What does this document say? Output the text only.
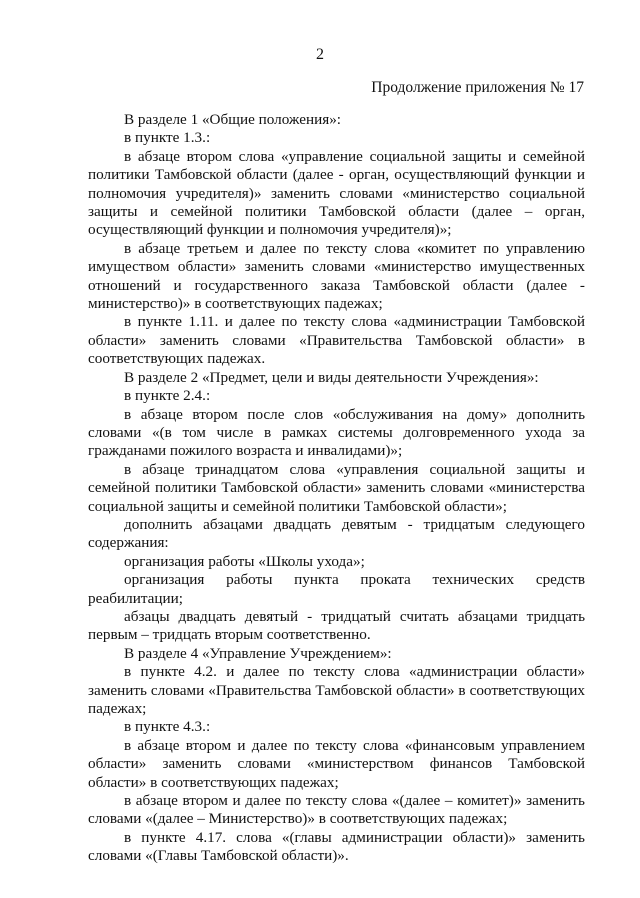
2
Продолжение приложения № 17

В разделе 1 «Общие положения»:

в пункте 1.3.:

в абзаце втором слова «управление социальной защиты и семейной политики Тамбовской области (далее - орган, осуществляющий функции и полномочия учредителя)» заменить словами «министерство социальной защиты и семейной политики Тамбовской области (далее – орган, осуществляющий функции и полномочия учредителя)»;

в абзаце третьем и далее по тексту слова «комитет по управлению имуществом области» заменить словами «министерство имущественных отношений и государственного заказа Тамбовской области (далее - министерство)» в соответствующих падежах;

в пункте 1.11. и далее по тексту слова «администрации Тамбовской области» заменить словами «Правительства Тамбовской области» в соответствующих падежах.

В разделе 2 «Предмет, цели и виды деятельности Учреждения»:

в пункте 2.4.:

в абзаце втором после слов «обслуживания на дому» дополнить словами «(в том числе в рамках системы долговременного ухода за гражданами пожилого возраста и инвалидами)»;

в абзаце тринадцатом слова «управления социальной защиты и семейной политики Тамбовской области» заменить словами «министерства социальной защиты и семейной политики Тамбовской области»;

дополнить абзацами двадцать девятым - тридцатым следующего содержания:

организация работы «Школы ухода»;

организация работы пункта проката технических средств реабилитации;

абзацы двадцать девятый - тридцатый считать абзацами тридцать первым – тридцать вторым соответственно.

В разделе 4 «Управление Учреждением»:

в пункте 4.2. и далее по тексту слова «администрации области» заменить словами «Правительства Тамбовской области» в соответствующих падежах;

в пункте 4.3.:

в абзаце втором и далее по тексту слова «финансовым управлением области» заменить словами «министерством финансов Тамбовской области» в соответствующих падежах;

в абзаце втором и далее по тексту слова «(далее – комитет)» заменить словами «(далее – Министерство)» в соответствующих падежах;

в пункте 4.17. слова «(главы администрации области)» заменить словами «(Главы Тамбовской области)».
